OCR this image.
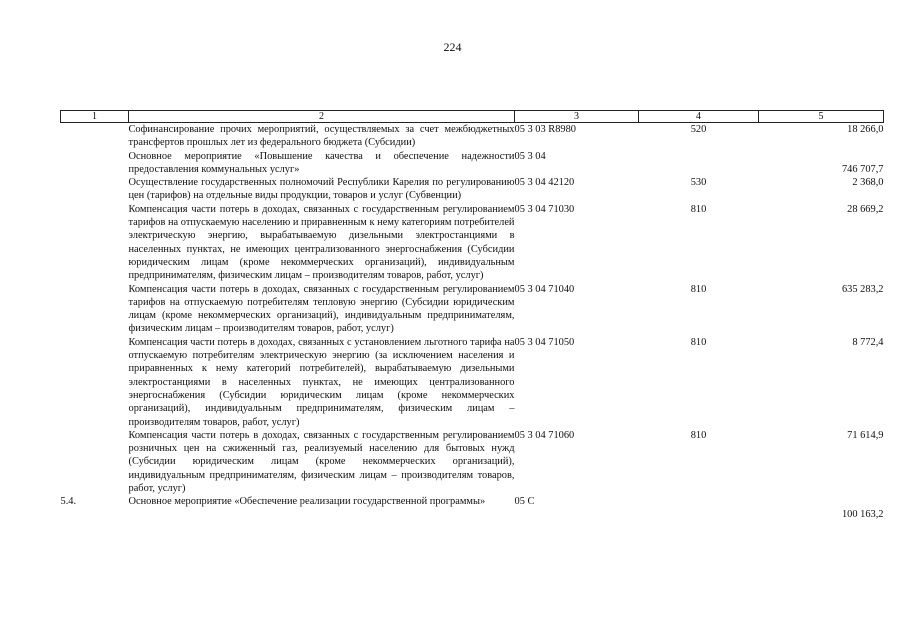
224
1	2	3	4	5
	Софинансирование прочих мероприятий, осуществляемых за счет межбюджетных трансфертов прошлых лет из федерального бюджета (Субсидии)	05 3 03 R8980	520	18 266,0
	Основное мероприятие «Повышение качества и обеспечение надежности предоставления коммунальных услуг»	05 3 04		746 707,7
	Осуществление государственных полномочий Республики Карелия по регулированию цен (тарифов) на отдельные виды продукции, товаров и услуг (Субвенции)	05 3 04 42120	530	2 368,0
	Компенсация части потерь в доходах, связанных с государственным регулированием тарифов на отпускаемую населению и приравненным к нему категориям потребителей электрическую энергию, вырабатываемую дизельными электростанциями в населенных пунктах, не имеющих централизованного энергоснабжения (Субсидии юридическим лицам (кроме некоммерческих организаций), индивидуальным предпринимателям, физическим лицам – производителям товаров, работ, услуг)	05 3 04 71030	810	28 669,2
	Компенсация части потерь в доходах, связанных с государственным регулированием тарифов на отпускаемую потребителям тепловую энергию (Субсидии юридическим лицам (кроме некоммерческих организаций), индивидуальным предпринимателям, физическим лицам – производителям товаров, работ, услуг)	05 3 04 71040	810	635 283,2
	Компенсация части потерь в доходах, связанных с установлением льготного тарифа на отпускаемую потребителям электрическую энергию (за исключением населения и приравненных к нему категорий потребителей), вырабатываемую дизельными электростанциями в населенных пунктах, не имеющих централизованного энергоснабжения (Субсидии юридическим лицам (кроме некоммерческих организаций), индивидуальным предпринимателям, физическим лицам – производителям товаров, работ, услуг)	05 3 04 71050	810	8 772,4
	Компенсация части потерь в доходах, связанных с государственным регулированием розничных цен на сжиженный газ, реализуемый населению для бытовых нужд (Субсидии юридическим лицам (кроме некоммерческих организаций), индивидуальным предпринимателям, физическим лицам – производителям товаров, работ, услуг)	05 3 04 71060	810	71 614,9
5.4.	Основное мероприятие «Обеспечение реализации государственной программы»	05 С		100 163,2
